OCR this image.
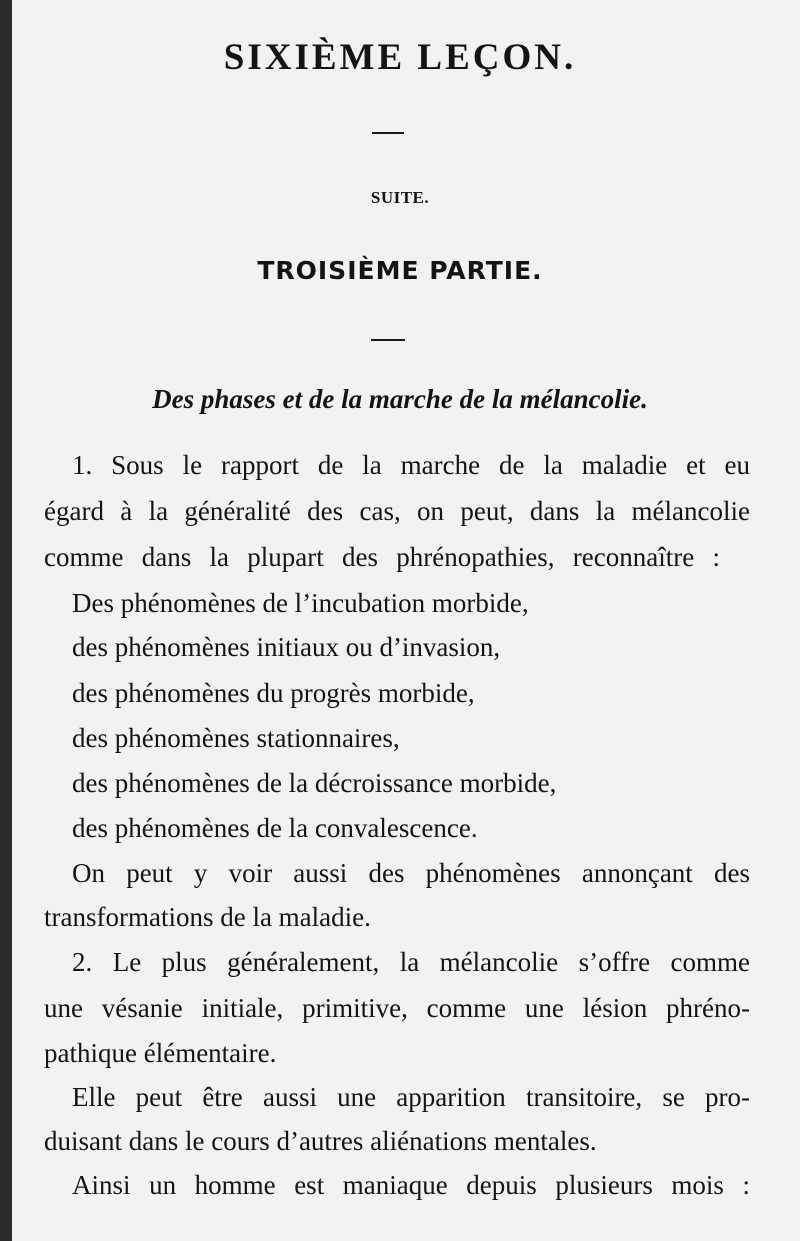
SIXIÈME LEÇON.
SUITE.
TROISIÈME PARTIE.
Des phases et de la marche de la mélancolie.
1. Sous le rapport de la marche de la maladie et eu
égard à la généralité des cas, on peut, dans la mélancolie
comme dans la plupart des phrénopathies, reconnaître :
Des phénomènes de l’incubation morbide,
des phénomènes initiaux ou d’invasion,
des phénomènes du progrès morbide,
des phénomènes stationnaires,
des phénomènes de la décroissance morbide,
des phénomènes de la convalescence.
On peut y voir aussi des phénomènes annonçant des
transformations de la maladie.
2. Le plus généralement, la mélancolie s’offre comme
une vésanie initiale, primitive, comme une lésion phréno-
pathique élémentaire.
Elle peut être aussi une apparition transitoire, se pro-
duisant dans le cours d’autres aliénations mentales.
Ainsi un homme est maniaque depuis plusieurs mois :
